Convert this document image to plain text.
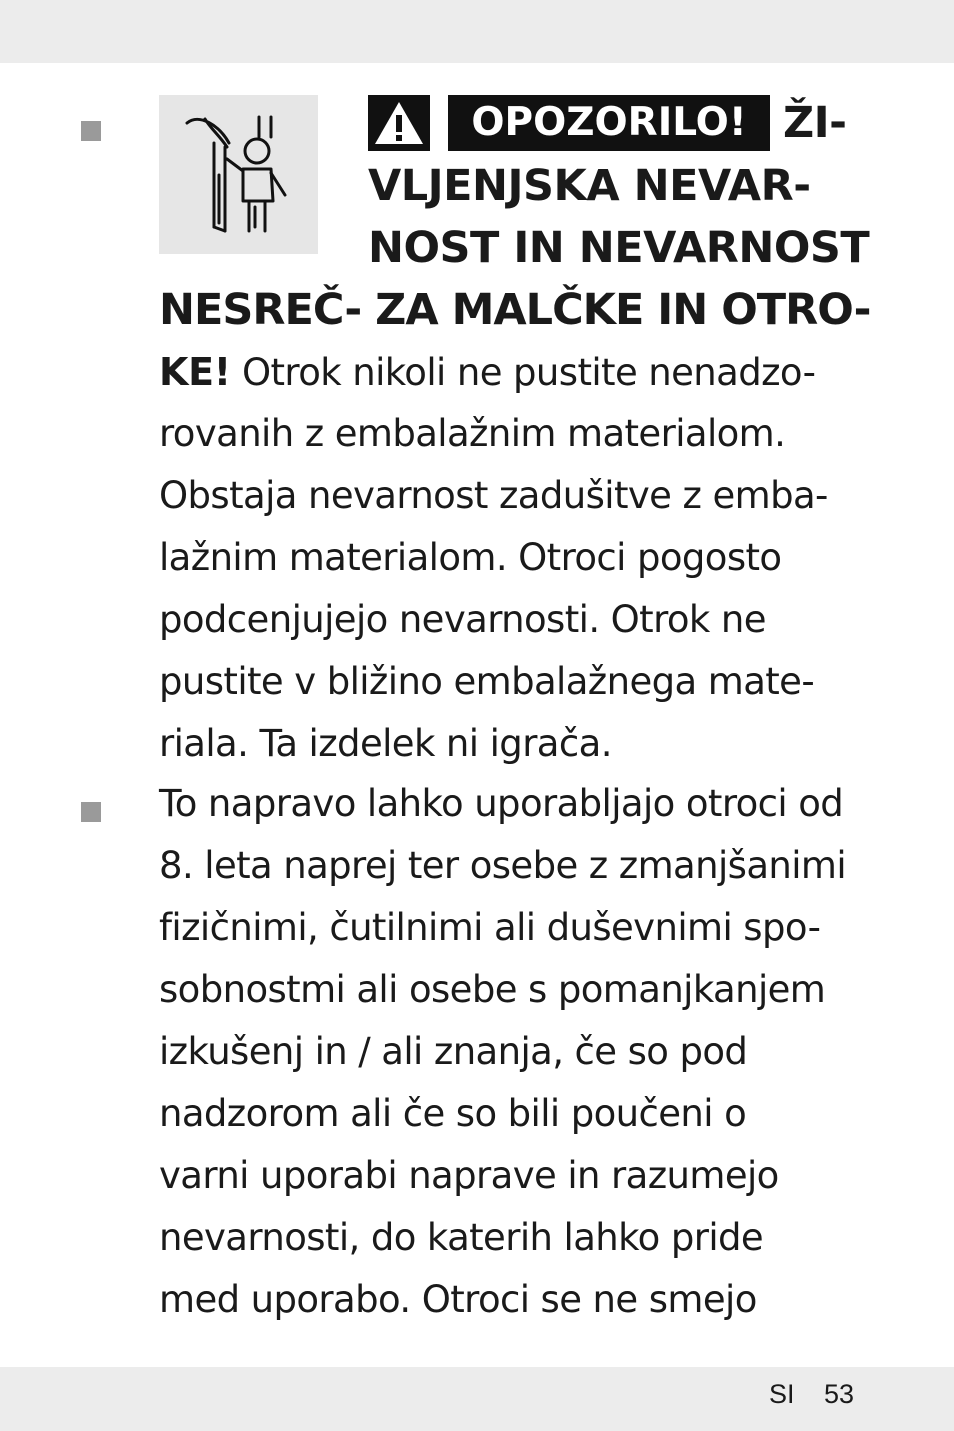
OPOZORILO! ŽI-
VLJENJSKA NEVAR-
NOST IN NEVARNOST
NESREČ- ZA MALČKE IN OTRO-
KE! Otrok nikoli ne pustite nenadzo-
rovanih z embalažnim materialom.
Obstaja nevarnost zadušitve z emba-
lažnim materialom. Otroci pogosto
podcenjujejo nevarnosti. Otrok ne
pustite v bližino embalažnega mate-
riala. Ta izdelek ni igrača.
To napravo lahko uporabljajo otroci od
8. leta naprej ter osebe z zmanjšanimi
fizičnimi, čutilnimi ali duševnimi spo-
sobnostmi ali osebe s pomanjkanjem
izkušenj in / ali znanja, če so pod
nadzorom ali če so bili poučeni o
varni uporabi naprave in razumejo
nevarnosti, do katerih lahko pride
med uporabo. Otroci se ne smejo
SI 53
